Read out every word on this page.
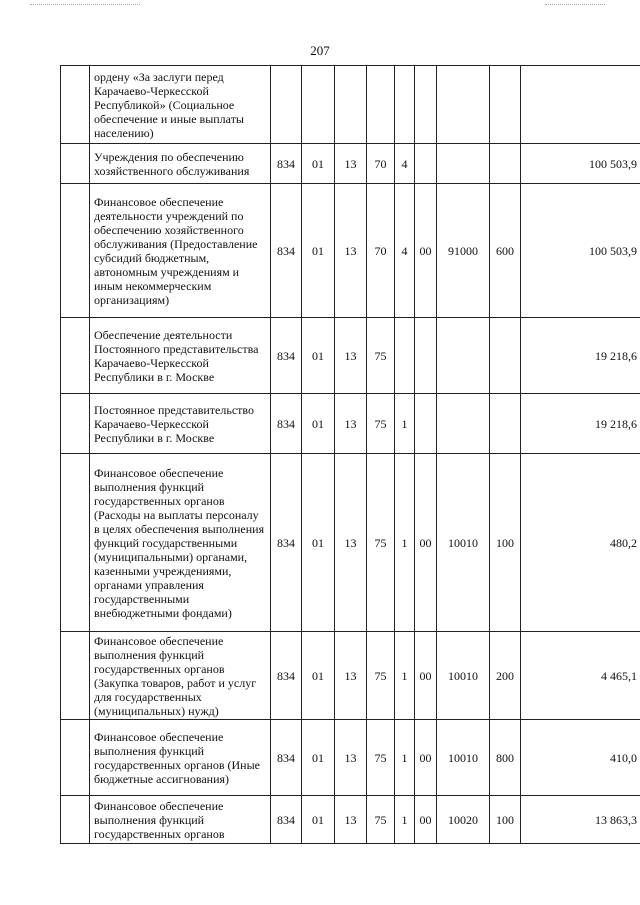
207
	ордену «За заслуги перед Карачаево-Черкесской Республикой» (Социальное обеспечение и иные выплаты населению)									
	Учреждения по обеспечению хозяйственного обслуживания	834	01	13	70	4				100 503,9
	Финансовое обеспечение деятельности учреждений по обеспечению хозяйственного обслуживания (Предоставление субсидий бюджетным, автономным учреждениям и иным некоммерческим организациям)	834	01	13	70	4	00	91000	600	100 503,9
	Обеспечение деятельности Постоянного представительства Карачаево-Черкесской Республики в г. Москве	834	01	13	75					19 218,6
	Постоянное представительство Карачаево-Черкесской Республики в г. Москве	834	01	13	75	1				19 218,6
	Финансовое обеспечение выполнения функций государственных органов (Расходы на выплаты персоналу в целях обеспечения выполнения функций государственными (муниципальными) органами, казенными учреждениями, органами управления государственными внебюджетными фондами)	834	01	13	75	1	00	10010	100	480,2
	Финансовое обеспечение выполнения функций государственных органов (Закупка товаров, работ и услуг для государственных (муниципальных) нужд)	834	01	13	75	1	00	10010	200	4 465,1
	Финансовое обеспечение выполнения функций государственных органов (Иные бюджетные ассигнования)	834	01	13	75	1	00	10010	800	410,0
	Финансовое обеспечение выполнения функций государственных органов	834	01	13	75	1	00	10020	100	13 863,3
